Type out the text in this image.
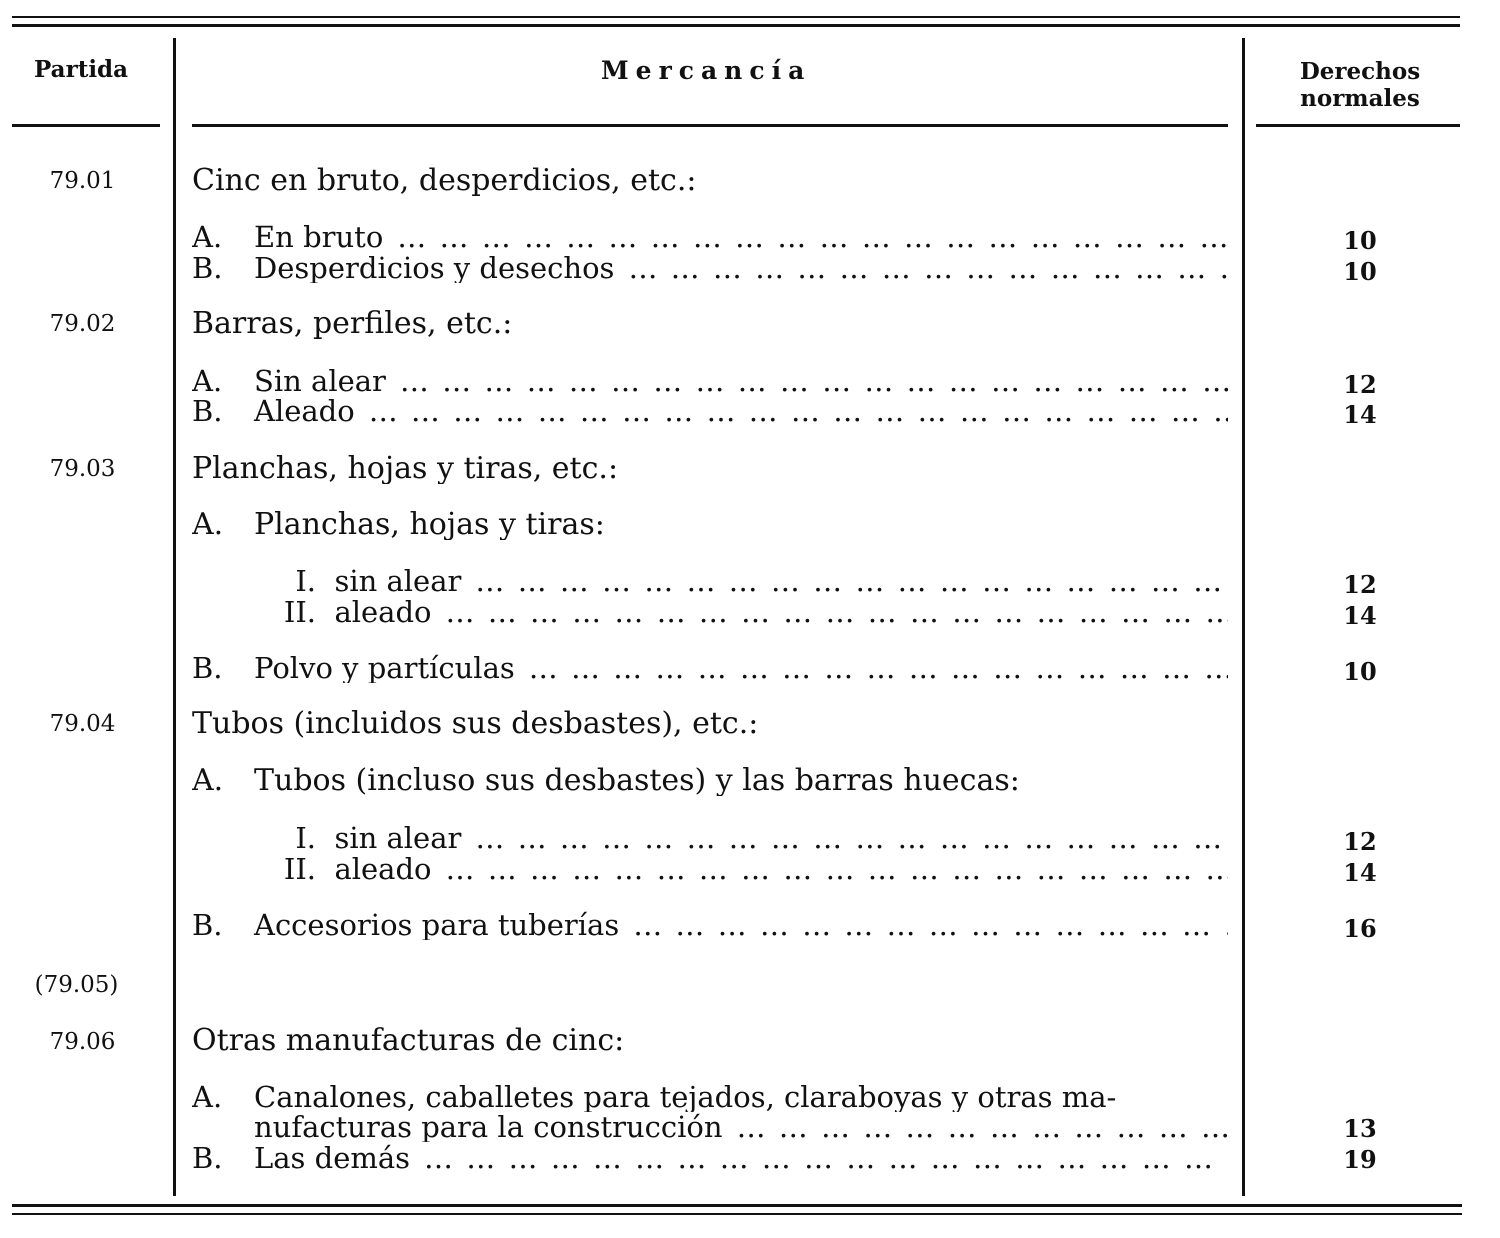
Partida	Mercancía	Derechos
normales
79.01	Cinc en bruto, desperdicios, etc.:
A. En bruto … … … … … … … … … … … … … … … … … … … … … … … … … … … … … … … … … … … …	10
B. Desperdicios y desechos … … … … … … … … … … … … … … … … … … … … … … … … … … … … … … … … … … … …	10
79.02	Barras, perfiles, etc.:
A. Sin alear … … … … … … … … … … … … … … … … … … … … … … … … … … … … … … … … … … … …	12
B. Aleado … … … … … … … … … … … … … … … … … … … … … … … … … … … … … … … … … … … …	14
79.03	Planchas, hojas y tiras, etc.:
A. Planchas, hojas y tiras:
I. sin alear … … … … … … … … … … … … … … … … … … … … … … … … … … … … … … … … … … … …	12
II. aleado … … … … … … … … … … … … … … … … … … … … … … … … … … … … … … … … … … … …	14
B. Polvo y partículas … … … … … … … … … … … … … … … … … … … … … … … … … … … … … … … … … … … …	10
79.04	Tubos (incluidos sus desbastes), etc.:
A. Tubos (incluso sus desbastes) y las barras huecas:
I. sin alear … … … … … … … … … … … … … … … … … … … … … … … … … … … … … … … … … … … …	12
II. aleado … … … … … … … … … … … … … … … … … … … … … … … … … … … … … … … … … … … …	14
B. Accesorios para tuberías … … … … … … … … … … … … … … … … … … … … … … … … … … … … … … … … … … … …	16
(79.05)
79.06	Otras manufacturas de cinc:
A. Canalones, caballetes para tejados, claraboyas y otras ma-
nufacturas para la construcción … … … … … … … … … … … … … … … … … … … … … … … … … … … … … … … … … … … …	13
B. Las demás … … … … … … … … … … … … … … … … … … … … … … … … … … … … … … … … … … … …	19
